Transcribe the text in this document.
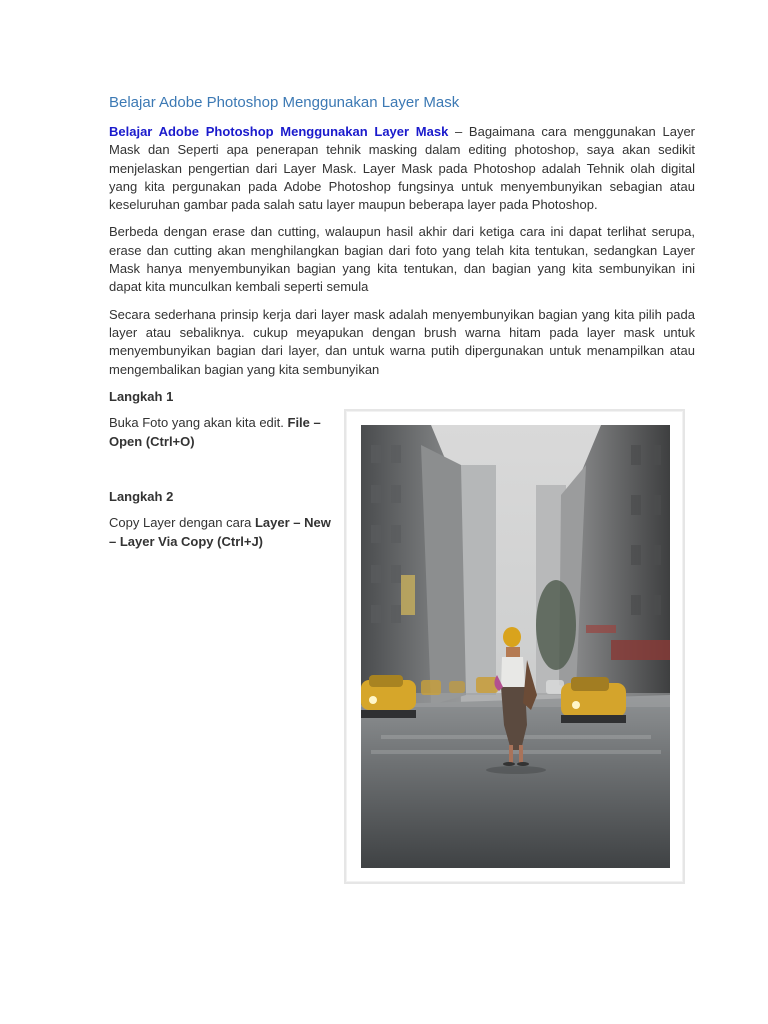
Belajar Adobe Photoshop Menggunakan Layer Mask

Belajar Adobe Photoshop Menggunakan Layer Mask – Bagaimana cara menggunakan Layer Mask dan Seperti apa penerapan tehnik masking dalam editing photoshop, saya akan sedikit menjelaskan pengertian dari Layer Mask. Layer Mask pada Photoshop adalah Tehnik olah digital yang kita pergunakan pada Adobe Photoshop fungsinya untuk menyembunyikan sebagian atau keseluruhan gambar pada salah satu layer maupun beberapa layer pada Photoshop.

Berbeda dengan erase dan cutting, walaupun hasil akhir dari ketiga cara ini dapat terlihat serupa, erase dan cutting akan menghilangkan bagian dari foto yang telah kita tentukan, sedangkan Layer Mask hanya menyembunyikan bagian yang kita tentukan, dan bagian yang kita sembunyikan ini dapat kita munculkan kembali seperti semula

Secara sederhana prinsip kerja dari layer mask adalah menyembunyikan bagian yang kita pilih pada layer atau sebaliknya. cukup meyapukan dengan brush warna hitam pada layer mask untuk menyembunyikan bagian dari layer, dan untuk warna putih dipergunakan untuk menampilkan atau mengembalikan bagian yang kita sembunyikan

Langkah 1

Buka Foto yang akan kita edit. File – Open (Ctrl+O)

Langkah 2

Copy Layer dengan cara Layer – New – Layer Via Copy (Ctrl+J)
